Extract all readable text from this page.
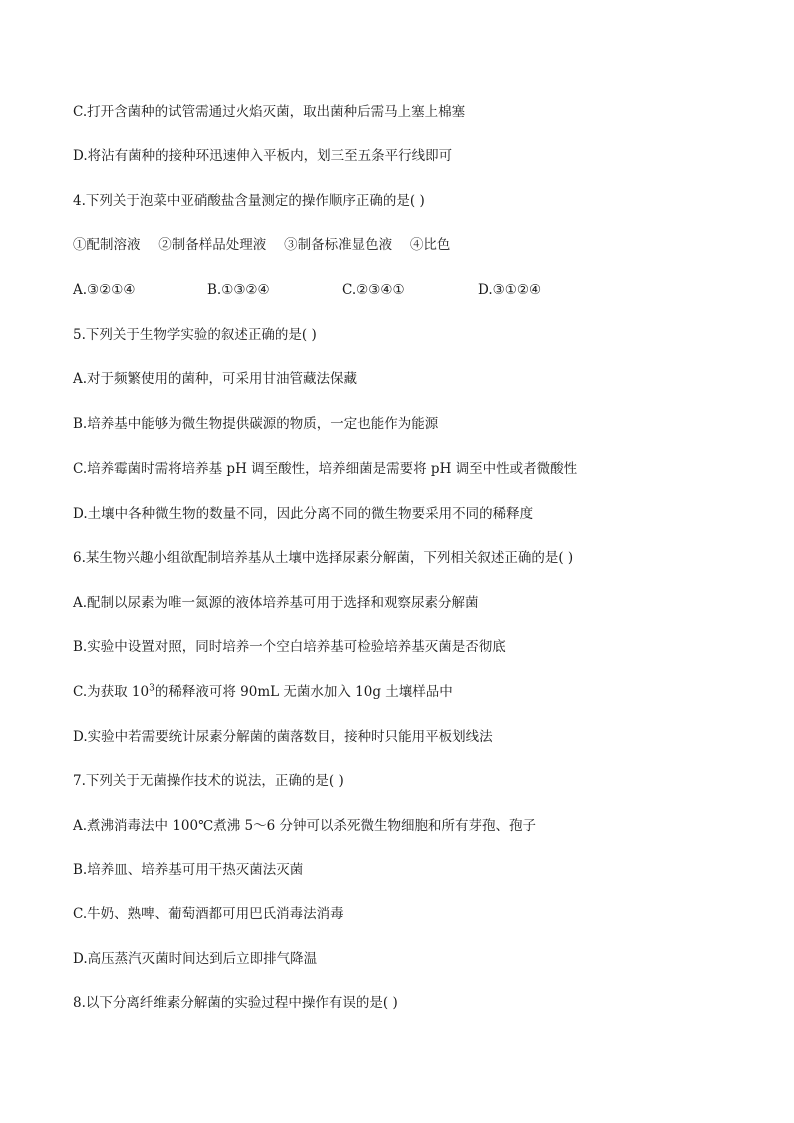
C.打开含菌种的试管需通过火焰灭菌，取出菌种后需马上塞上棉塞
D.将沾有菌种的接种环迅速伸入平板内，划三至五条平行线即可
4.下列关于泡菜中亚硝酸盐含量测定的操作顺序正确的是( )
①配制溶液　 ②制备样品处理液　 ③制备标准显色液　 ④比色
A.③②①④	B.①③②④	C.②③④①	D.③①②④
5.下列关于生物学实验的叙述正确的是( )
A.对于频繁使用的菌种，可采用甘油管藏法保藏
B.培养基中能够为微生物提供碳源的物质，一定也能作为能源
C.培养霉菌时需将培养基 pH 调至酸性，培养细菌是需要将 pH 调至中性或者微酸性
D.土壤中各种微生物的数量不同，因此分离不同的微生物要采用不同的稀释度
6.某生物兴趣小组欲配制培养基从土壤中选择尿素分解菌，下列相关叙述正确的是( )
A.配制以尿素为唯一氮源的液体培养基可用于选择和观察尿素分解菌
B.实验中设置对照，同时培养一个空白培养基可检验培养基灭菌是否彻底
C.为获取 $10^3$的稀释液可将 90mL 无菌水加入 10g 土壤样品中
D.实验中若需要统计尿素分解菌的菌落数目，接种时只能用平板划线法
7.下列关于无菌操作技术的说法，正确的是( )
A.煮沸消毒法中 100℃煮沸 5～6 分钟可以杀死微生物细胞和所有芽孢、孢子
B.培养皿、培养基可用干热灭菌法灭菌
C.牛奶、熟啤、葡萄酒都可用巴氏消毒法消毒
D.高压蒸汽灭菌时间达到后立即排气降温
8.以下分离纤维素分解菌的实验过程中操作有误的是( )
